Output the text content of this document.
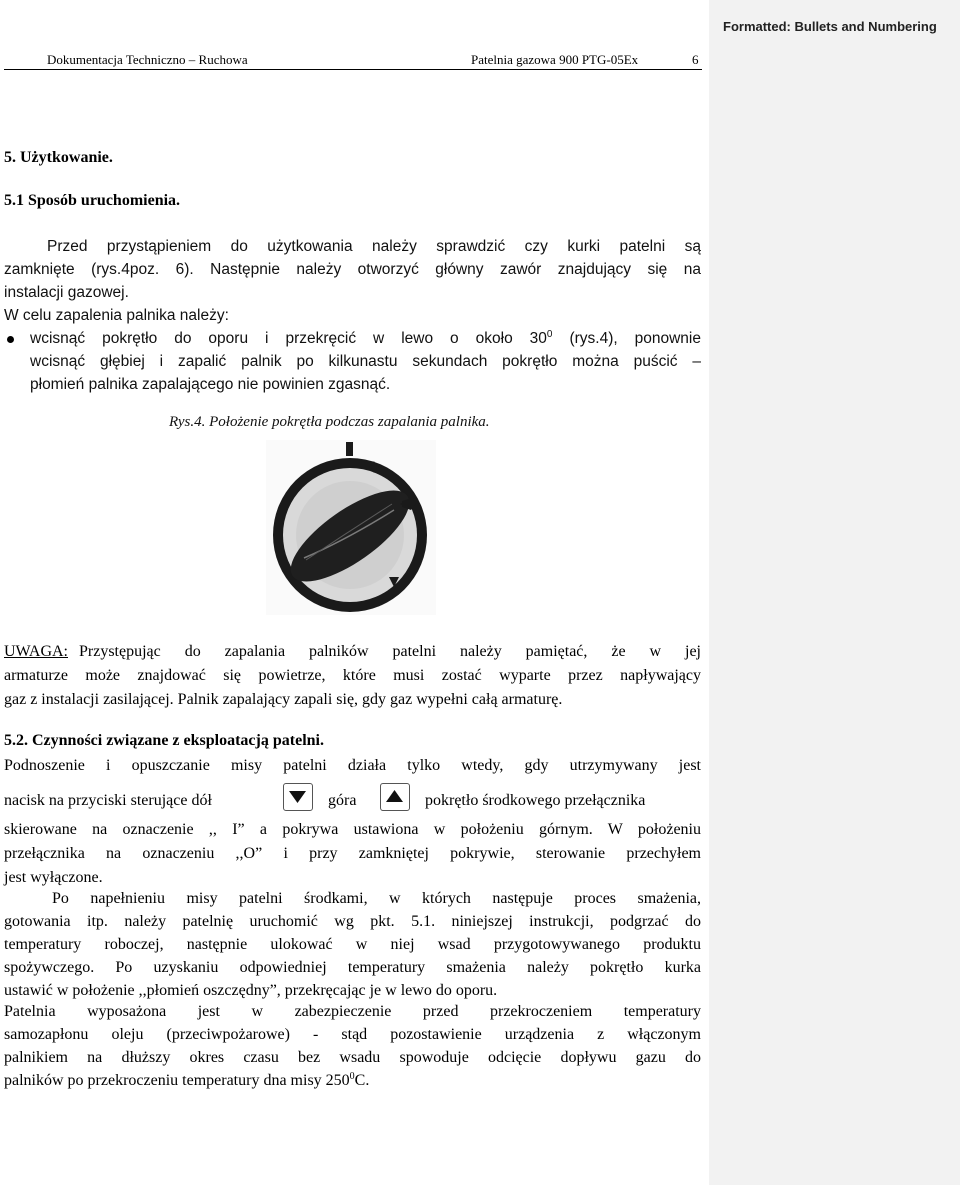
Formatted: Bullets and Numbering
Dokumentacja Techniczno – Ruchowa	Patelnia gazowa 900 PTG-05Ex	6
5. Użytkowanie.
5.1 Sposób uruchomienia.
Przed przystąpieniem do użytkowania należy sprawdzić czy kurki patelni są
zamknięte (rys.4poz. 6). Następnie należy otworzyć główny zawór znajdujący się na
instalacji gazowej.
W celu zapalenia palnika należy:
wcisnąć pokrętło do oporu i przekręcić w lewo o około $30^0$ (rys.4), ponownie
wcisnąć głębiej i zapalić palnik po kilkunastu sekundach pokrętło można puścić –
płomień palnika zapalającego nie powinien zgasnąć.
Rys.4. Położenie pokrętła podczas zapalania palnika.
UWAGA: Przystępując do zapalania palników patelni należy pamiętać, że w jej
armaturze może znajdować się powietrze, które musi zostać wyparte przez napływający
gaz z instalacji zasilającej. Palnik zapalający zapali się, gdy gaz wypełni całą armaturę.
5.2. Czynności związane z eksploatacją patelni.
Podnoszenie i opuszczanie misy patelni działa tylko wtedy, gdy utrzymywany jest
nacisk na przyciski sterujące dół	góra	pokrętło środkowego przełącznika
skierowane na oznaczenie ,, I” a pokrywa ustawiona w położeniu górnym. W położeniu
przełącznika na oznaczeniu ,,O” i przy zamkniętej pokrywie, sterowanie przechyłem
jest wyłączone.
Po napełnieniu misy patelni środkami, w których następuje proces smażenia,
gotowania itp. należy patelnię uruchomić wg pkt. 5.1. niniejszej instrukcji, podgrzać do
temperatury roboczej, następnie ulokować w niej wsad przygotowywanego produktu
spożywczego. Po uzyskaniu odpowiedniej temperatury smażenia należy pokrętło kurka
ustawić w położenie ,,płomień oszczędny”, przekręcając je w lewo do oporu.
Patelnia wyposażona jest w zabezpieczenie przed przekroczeniem temperatury
samozapłonu oleju (przeciwpożarowe) - stąd pozostawienie urządzenia z włączonym
palnikiem na dłuższy okres czasu bez wsadu spowoduje odcięcie dopływu gazu do
palników po przekroczeniu temperatury dna misy $250^0C$.
